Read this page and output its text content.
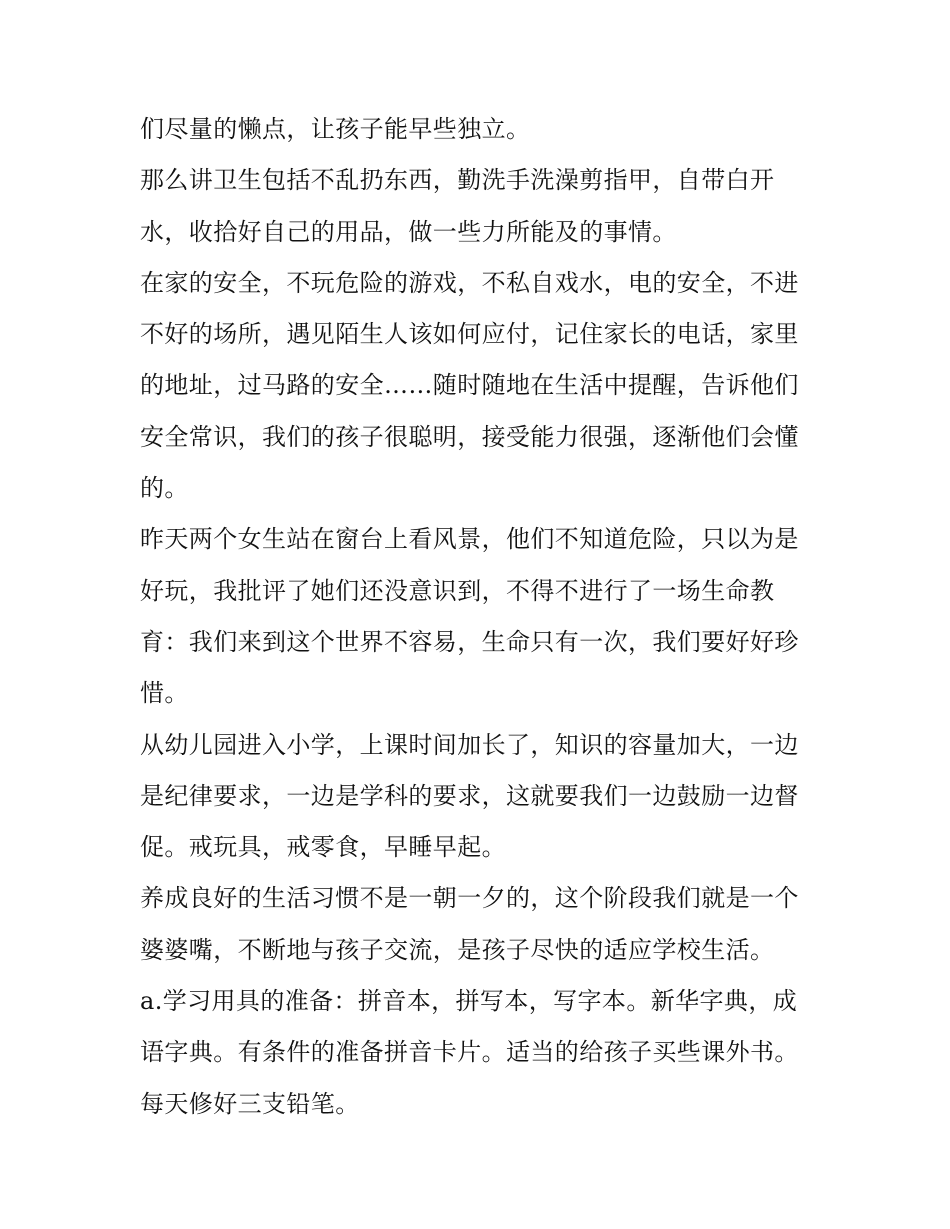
们尽量的懒点，让孩子能早些独立。
那么讲卫生包括不乱扔东西，勤洗手洗澡剪指甲，自带白开
水，收拾好自己的用品，做一些力所能及的事情。
在家的安全，不玩危险的游戏，不私自戏水，电的安全，不进
不好的场所，遇见陌生人该如何应付，记住家长的电话，家里
的地址，过马路的安全……随时随地在生活中提醒，告诉他们
安全常识，我们的孩子很聪明，接受能力很强，逐渐他们会懂
的。
昨天两个女生站在窗台上看风景，他们不知道危险，只以为是
好玩，我批评了她们还没意识到，不得不进行了一场生命教
育：我们来到这个世界不容易，生命只有一次，我们要好好珍
惜。
从幼儿园进入小学，上课时间加长了，知识的容量加大，一边
是纪律要求，一边是学科的要求，这就要我们一边鼓励一边督
促。戒玩具，戒零食，早睡早起。
养成良好的生活习惯不是一朝一夕的，这个阶段我们就是一个
婆婆嘴，不断地与孩子交流，是孩子尽快的适应学校生活。
a.学习用具的准备：拼音本，拼写本，写字本。新华字典，成
语字典。有条件的准备拼音卡片。适当的给孩子买些课外书。
每天修好三支铅笔。
